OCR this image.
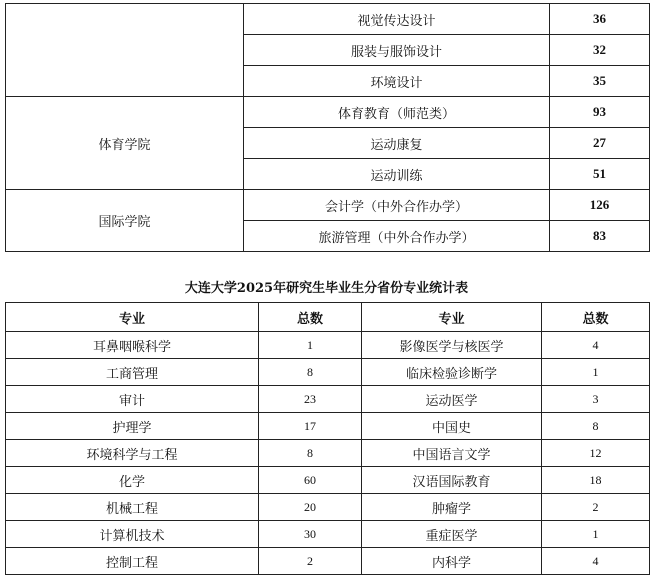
	视觉传达设计	36
	服装与服饰设计	32
	环境设计	35
体育学院	体育教育（师范类）	93
	运动康复	27
	运动训练	51
国际学院	会计学（中外合作办学）	126
	旅游管理（中外合作办学）	83
大连大学2025年研究生毕业生分省份专业统计表
专业	总数	专业	总数
耳鼻咽喉科学	1	影像医学与核医学	4
工商管理	8	临床检验诊断学	1
审计	23	运动医学	3
护理学	17	中国史	8
环境科学与工程	8	中国语言文学	12
化学	60	汉语国际教育	18
机械工程	20	肿瘤学	2
计算机技术	30	重症医学	1
控制工程	2	内科学	4
